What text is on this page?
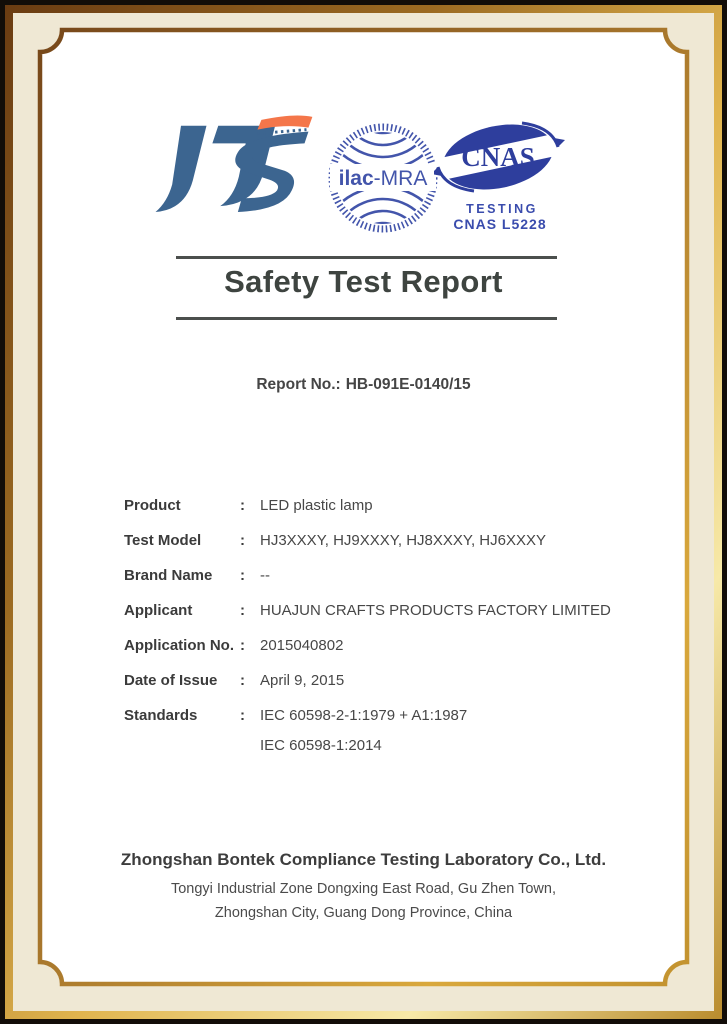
ilac-MRA
CNAS
TESTING
CNAS L5228
Safety Test Report
Report No.: HB-091E-0140/15
Product	:	LED plastic lamp
Test Model	:	HJ3XXXY, HJ9XXXY, HJ8XXXY, HJ6XXXY
Brand Name	:	--
Applicant	:	HUAJUN CRAFTS PRODUCTS FACTORY LIMITED
Application No. :	2015040802
Date of Issue	:	April 9, 2015
Standards	:	IEC 60598-2-1:1979 + A1:1987
IEC 60598-1:2014
Zhongshan Bontek Compliance Testing Laboratory Co., Ltd.
Tongyi Industrial Zone Dongxing East Road, Gu Zhen Town,
Zhongshan City, Guang Dong Province, China
